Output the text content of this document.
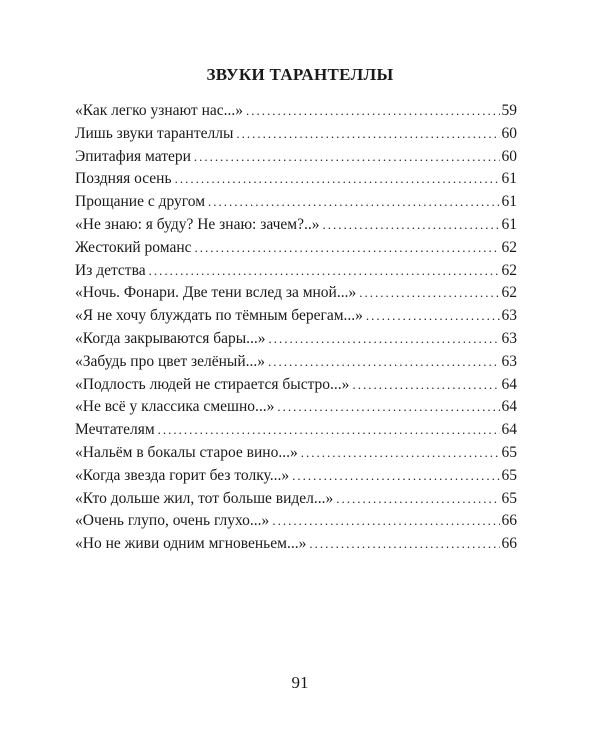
ЗВУКИ ТАРАНТЕЛЛЫ
«Как легко узнают нас...» .....	59
Лишь звуки тарантеллы .....	60
Эпитафия матери .....	60
Поздняя осень .....	61
Прощание с другом .....	61
«Не знаю: я буду? Не знаю: зачем?..» .....	61
Жестокий романс .....	62
Из детства .....	62
«Ночь. Фонари. Две тени вслед за мной...» .....	62
«Я не хочу блуждать по тёмным берегам...» .....	63
«Когда закрываются бары...» .....	63
«Забудь про цвет зелёный...» .....	63
«Подлость людей не стирается быстро...» .....	64
«Не всё у классика смешно...» .....	64
Мечтателям .....	64
«Нальём в бокалы старое вино...» .....	65
«Когда звезда горит без толку...» .....	65
«Кто дольше жил, тот больше видел...» .....	65
«Очень глупо, очень глухо...» .....	66
«Но не живи одним мгновеньем...» .....	66
91
